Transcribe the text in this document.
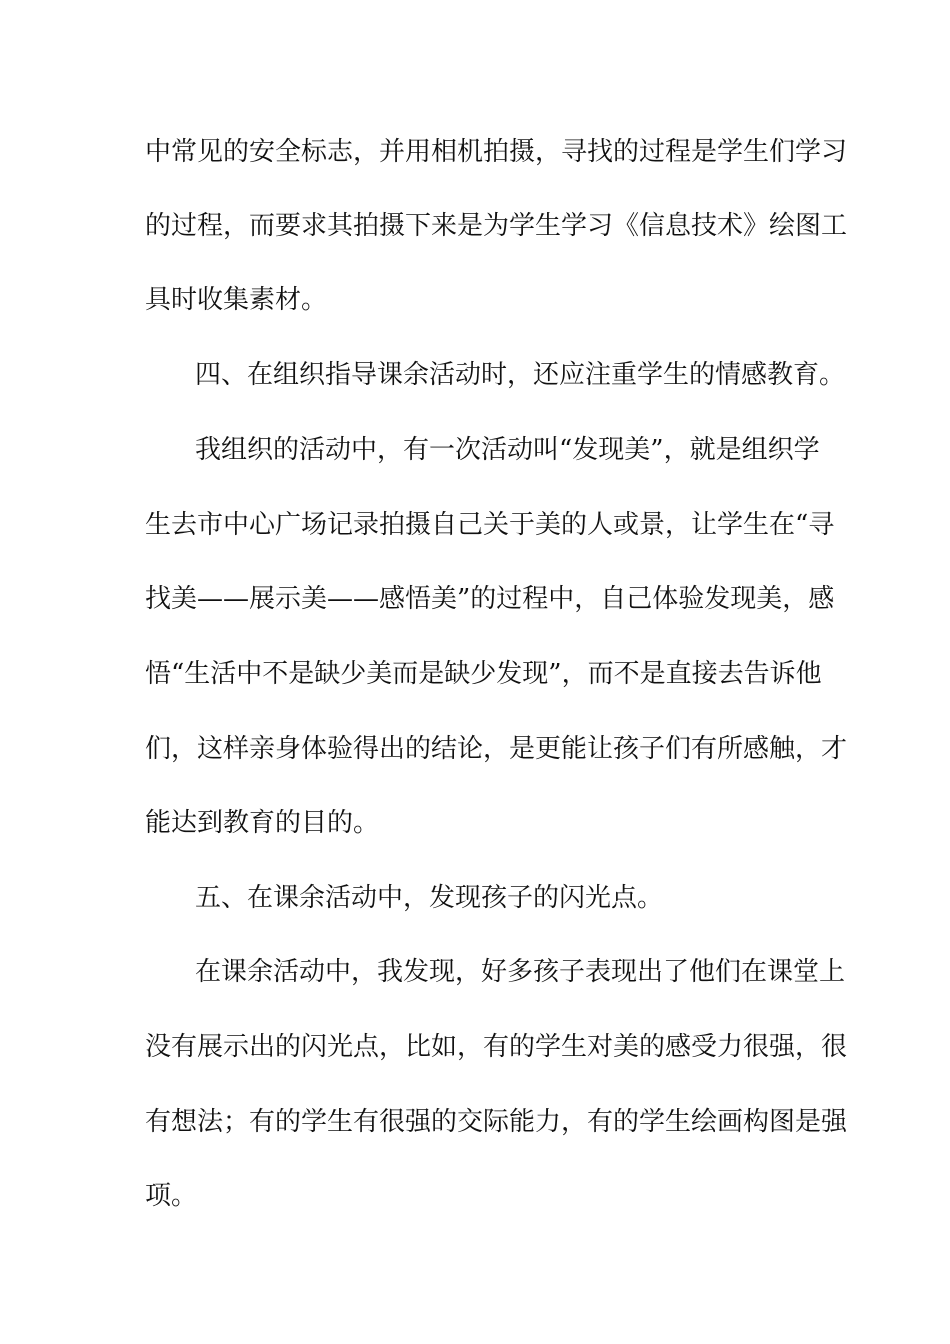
中常见的安全标志，并用相机拍摄，寻找的过程是学生们学习
的过程，而要求其拍摄下来是为学生学习《信息技术》绘图工
具时收集素材。
四、在组织指导课余活动时，还应注重学生的情感教育。
我组织的活动中，有一次活动叫“发现美”，就是组织学
生去市中心广场记录拍摄自己关于美的人或景，让学生在“寻
找美——展示美——感悟美”的过程中，自己体验发现美，感
悟“生活中不是缺少美而是缺少发现”，而不是直接去告诉他
们，这样亲身体验得出的结论，是更能让孩子们有所感触，才
能达到教育的目的。
五、在课余活动中，发现孩子的闪光点。
在课余活动中，我发现，好多孩子表现出了他们在课堂上
没有展示出的闪光点，比如，有的学生对美的感受力很强，很
有想法；有的学生有很强的交际能力，有的学生绘画构图是强
项。
